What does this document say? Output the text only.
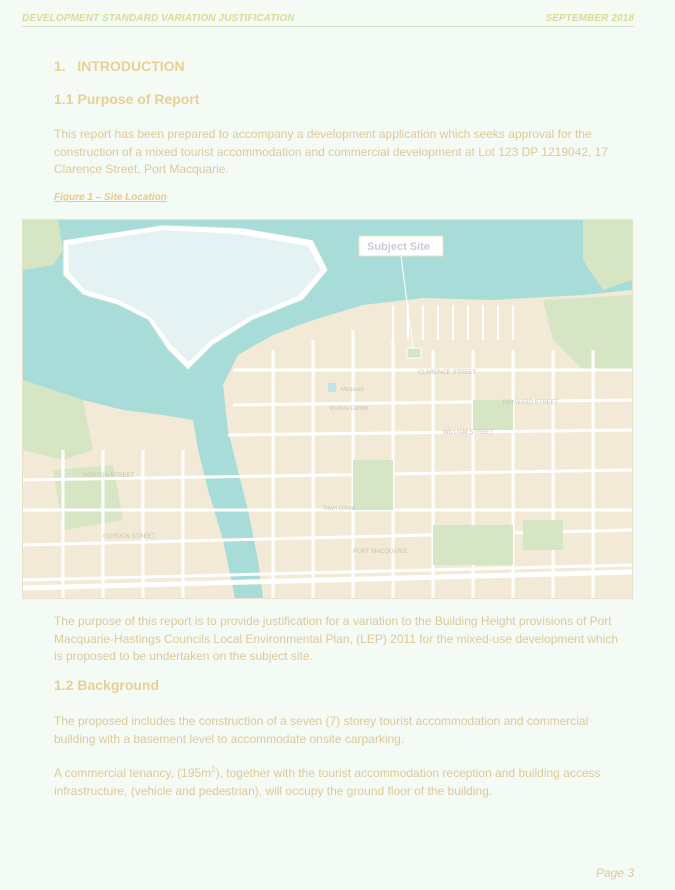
DEVELOPMENT STANDARD VARIATION JUSTIFICATION	SEPTEMBER 2018
1.   INTRODUCTION
1.1 Purpose of Report
This report has been prepared to accompany a development application which seeks approval for the construction of a mixed tourist accommodation and commercial development at Lot 123 DP 1219042, 17 Clarence Street, Port Macquarie.
Figure 1 – Site Location
Museum
Visitors Centre
PORT MACQUARIE
Town Green
CLARENCE STREET
HAYWARD STREET
WILLIAM STREET
HORTON STREET
GORDON STREET
Subject Site
The purpose of this report is to provide justification for a variation to the Building Height provisions of Port Macquarie-Hastings Councils Local Environmental Plan, (LEP) 2011 for the mixed-use development which is proposed to be undertaken on the subject site.
1.2 Background
The proposed includes the construction of a seven (7) storey tourist accommodation and commercial building with a basement level to accommodate onsite carparking.
A commercial tenancy, $(195m^2)$, together with the tourist accommodation reception and building access infrastructure, (vehicle and pedestrian), will occupy the ground floor of the building.
Page 3
